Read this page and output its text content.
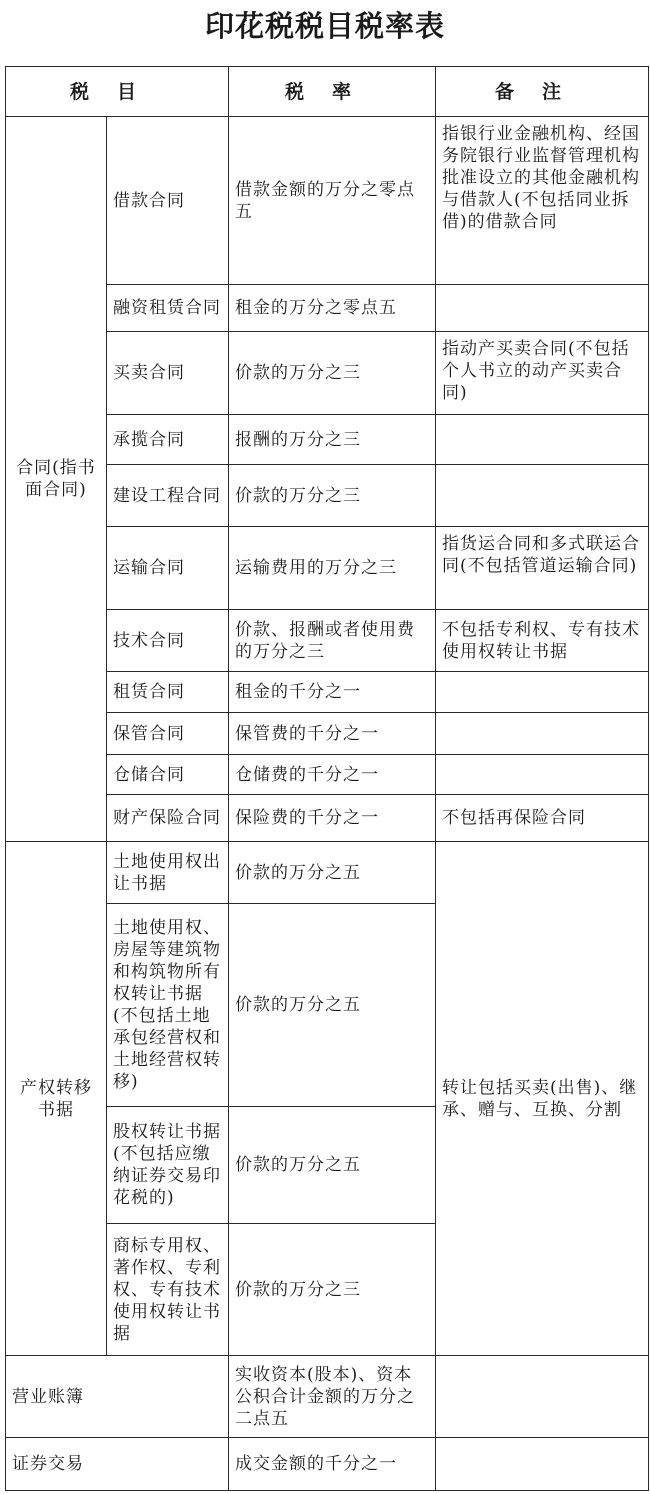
印花税税目税率表
税目		税率	备注
合同(指书面合同)	借款合同	借款金额的万分之零点五	指银行业金融机构、经国务院银行业监督管理机构批准设立的其他金融机构与借款人(不包括同业拆借)的借款合同
	融资租赁合同	租金的万分之零点五	
	买卖合同	价款的万分之三	指动产买卖合同(不包括个人书立的动产买卖合同)
	承揽合同	报酬的万分之三	
	建设工程合同	价款的万分之三	
	运输合同	运输费用的万分之三	指货运合同和多式联运合同(不包括管道运输合同)
	技术合同	价款、报酬或者使用费的万分之三	不包括专利权、专有技术使用权转让书据
	租赁合同	租金的千分之一	
	保管合同	保管费的千分之一	
	仓储合同	仓储费的千分之一	
	财产保险合同	保险费的千分之一	不包括再保险合同
产权转移书据	土地使用权出让书据	价款的万分之五	转让包括买卖(出售)、继承、赠与、互换、分割
	土地使用权、房屋等建筑物和构筑物所有权转让书据(不包括土地承包经营权和土地经营权转移)	价款的万分之五	
	股权转让书据(不包括应缴纳证券交易印花税的)	价款的万分之五	
	商标专用权、著作权、专利权、专有技术使用权转让书据	价款的万分之三	
营业账簿		实收资本(股本)、资本公积合计金额的万分之二点五	
证券交易		成交金额的千分之一	
